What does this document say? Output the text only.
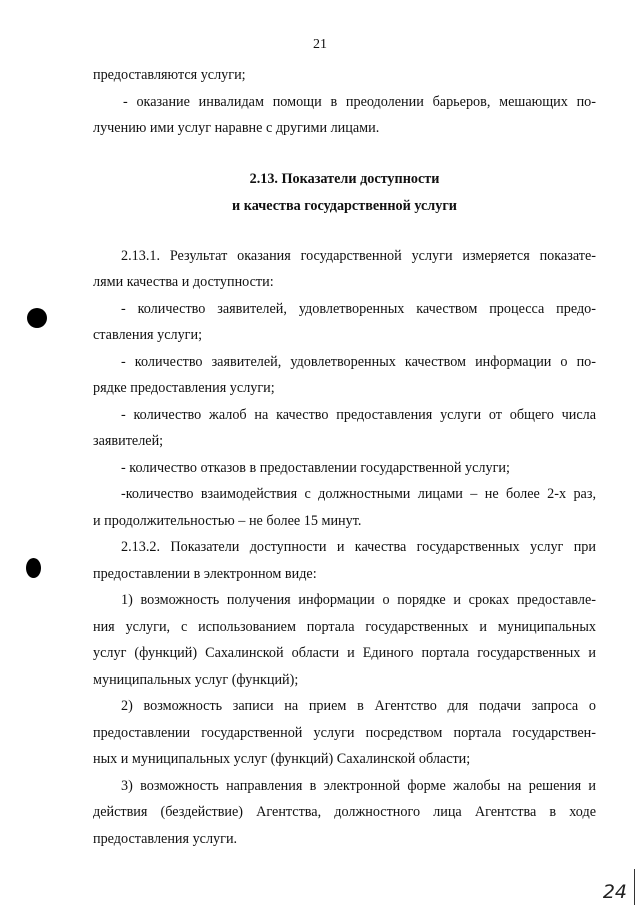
21
предоставляются услуги;
- оказание инвалидам помощи в преодолении барьеров, мешающих по-
лучению ими услуг наравне с другими лицами.
2.13. Показатели доступности
и качества государственной услуги
2.13.1. Результат оказания государственной услуги измеряется показате-
лями качества и доступности:
- количество заявителей, удовлетворенных качеством процесса предо-
ставления услуги;
- количество заявителей, удовлетворенных качеством информации о по-
рядке предоставления услуги;
- количество жалоб на качество предоставления услуги от общего числа
заявителей;
- количество отказов в предоставлении государственной услуги;
-количество взаимодействия с должностными лицами – не более 2-х раз,
и продолжительностью – не более 15 минут.
2.13.2. Показатели доступности и качества государственных услуг при
предоставлении в электронном виде:
1) возможность получения информации о порядке и сроках предоставле-
ния услуги, с использованием портала государственных и муниципальных
услуг (функций) Сахалинской области и Единого портала государственных и
муниципальных услуг (функций);
2) возможность записи на прием в Агентство для подачи запроса о
предоставлении государственной услуги посредством портала государствен-
ных и муниципальных услуг (функций) Сахалинской области;
3) возможность направления в электронной форме жалобы на решения и
действия (бездействие) Агентства, должностного лица Агентства в ходе
предоставления услуги.
24
